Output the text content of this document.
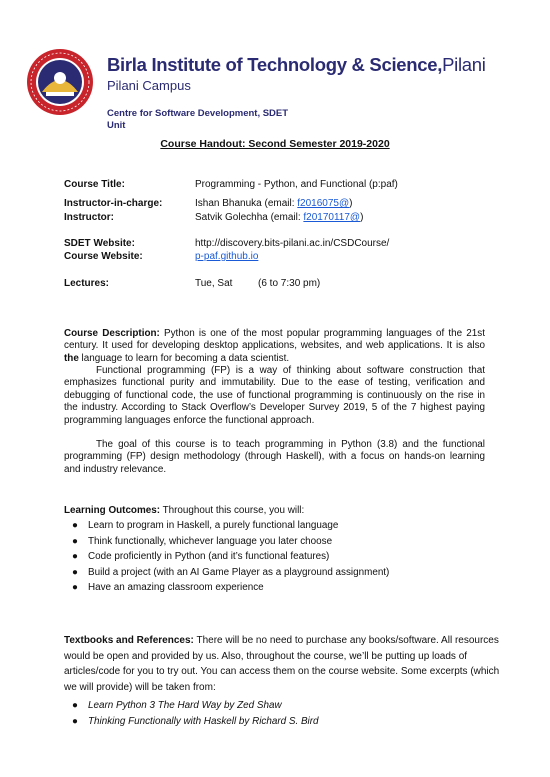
Birla Institute of Technology & Science,Pilani
Pilani Campus
Centre for Software Development, SDET Unit
Course Handout: Second Semester 2019-2020
Course Title:	Programming - Python, and Functional (p:paf)
Instructor-in-charge:	Ishan Bhanuka (email: f2016075@)
Instructor:	Satvik Golechha (email: f20170117@)
SDET Website:	http://discovery.bits-pilani.ac.in/CSDCourse/
Course Website:	p-paf.github.io
Lectures:	Tue, Sat	(6 to 7:30 pm)
Course Description: Python is one of the most popular programming languages of the 21st century. It used for developing desktop applications, websites, and web applications. It is also the language to learn for becoming a data scientist.
Functional programming (FP) is a way of thinking about software construction that emphasizes functional purity and immutability. Due to the ease of testing, verification and debugging of functional code, the use of functional programming is continuously on the rise in the industry. According to Stack Overflow’s Developer Survey 2019, 5 of the 7 highest paying programming languages enforce the functional approach.
The goal of this course is to teach programming in Python (3.8) and the functional programming (FP) design methodology (through Haskell), with a focus on hands-on learning and industry relevance.
Learning Outcomes: Throughout this course, you will:
● Learn to program in Haskell, a purely functional language
● Think functionally, whichever language you later choose
● Code proficiently in Python (and it’s functional features)
● Build a project (with an AI Game Player as a playground assignment)
● Have an amazing classroom experience
Textbooks and References: There will be no need to purchase any books/software. All resources would be open and provided by us. Also, throughout the course, we’ll be putting up loads of articles/code for you to try out. You can access them on the course website. Some excerpts (which we will provide) will be taken from:
● Learn Python 3 The Hard Way by Zed Shaw
● Thinking Functionally with Haskell by Richard S. Bird
